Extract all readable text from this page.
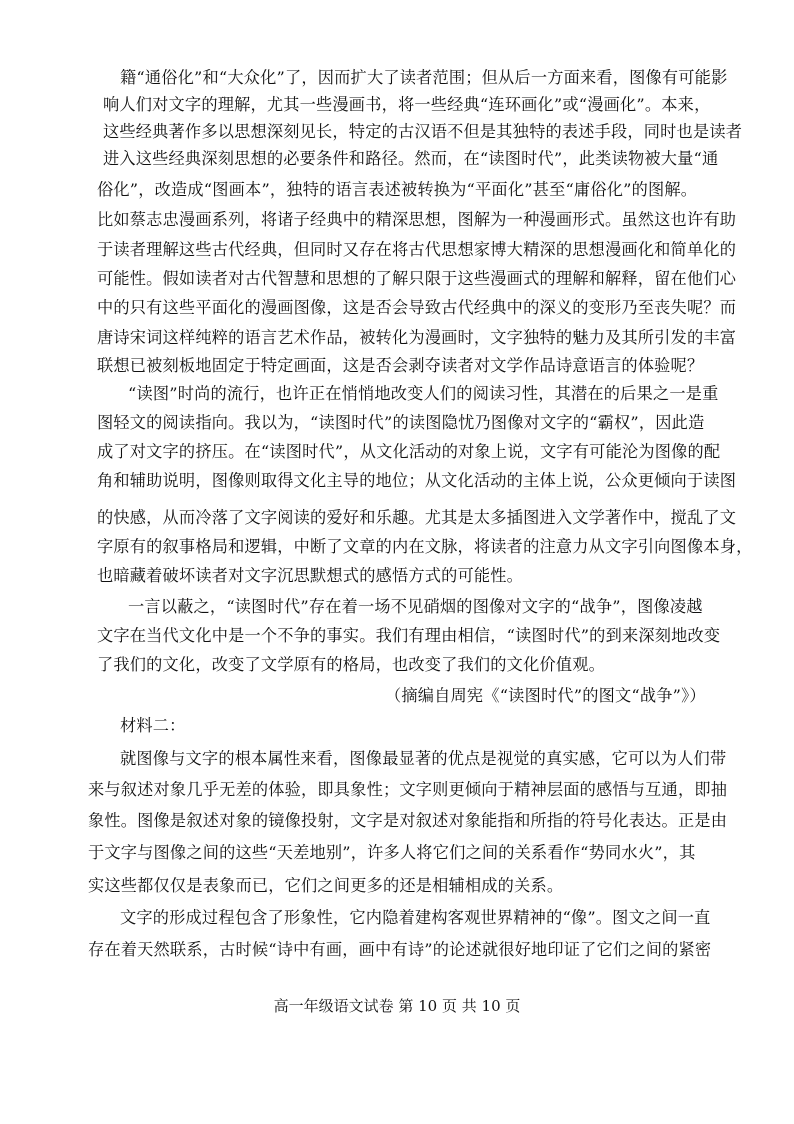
籍“通俗化”和“大众化”了，因而扩大了读者范围；但从后一方面来看，图像有可能影
响人们对文字的理解，尤其一些漫画书，将一些经典“连环画化”或“漫画化”。本来，
这些经典著作多以思想深刻见长，特定的古汉语不但是其独特的表述手段，同时也是读者
进入这些经典深刻思想的必要条件和路径。然而，在“读图时代”，此类读物被大量“通
俗化”，改造成“图画本”，独特的语言表述被转换为“平面化”甚至“庸俗化”的图解。
比如蔡志忠漫画系列，将诸子经典中的精深思想，图解为一种漫画形式。虽然这也许有助
于读者理解这些古代经典，但同时又存在将古代思想家博大精深的思想漫画化和简单化的
可能性。假如读者对古代智慧和思想的了解只限于这些漫画式的理解和解释，留在他们心
中的只有这些平面化的漫画图像，这是否会导致古代经典中的深义的变形乃至丧失呢？而
唐诗宋词这样纯粹的语言艺术作品，被转化为漫画时，文字独特的魅力及其所引发的丰富
联想已被刻板地固定于特定画面，这是否会剥夺读者对文学作品诗意语言的体验呢？
“读图”时尚的流行，也许正在悄悄地改变人们的阅读习性，其潜在的后果之一是重
图轻文的阅读指向。我以为，“读图时代”的读图隐忧乃图像对文字的“霸权”，因此造
成了对文字的挤压。在“读图时代”，从文化活动的对象上说，文字有可能沦为图像的配
角和辅助说明，图像则取得文化主导的地位；从文化活动的主体上说，公众更倾向于读图
的快感，从而冷落了文字阅读的爱好和乐趣。尤其是太多插图进入文学著作中，搅乱了文
字原有的叙事格局和逻辑，中断了文章的内在文脉，将读者的注意力从文字引向图像本身，
也暗藏着破坏读者对文字沉思默想式的感悟方式的可能性。
一言以蔽之，“读图时代”存在着一场不见硝烟的图像对文字的“战争”，图像凌越
文字在当代文化中是一个不争的事实。我们有理由相信，“读图时代”的到来深刻地改变
了我们的文化，改变了文学原有的格局，也改变了我们的文化价值观。
（摘编自周宪《“读图时代”的图文“战争”》）
材料二：
就图像与文字的根本属性来看，图像最显著的优点是视觉的真实感，它可以为人们带
来与叙述对象几乎无差的体验，即具象性；文字则更倾向于精神层面的感悟与互通，即抽
象性。图像是叙述对象的镜像投射，文字是对叙述对象能指和所指的符号化表达。正是由
于文字与图像之间的这些“天差地别”，许多人将它们之间的关系看作“势同水火”，其
实这些都仅仅是表象而已，它们之间更多的还是相辅相成的关系。
文字的形成过程包含了形象性，它内隐着建构客观世界精神的“像”。图文之间一直
存在着天然联系，古时候“诗中有画，画中有诗”的论述就很好地印证了它们之间的紧密
高一年级语文试卷 第 10 页 共 10 页
